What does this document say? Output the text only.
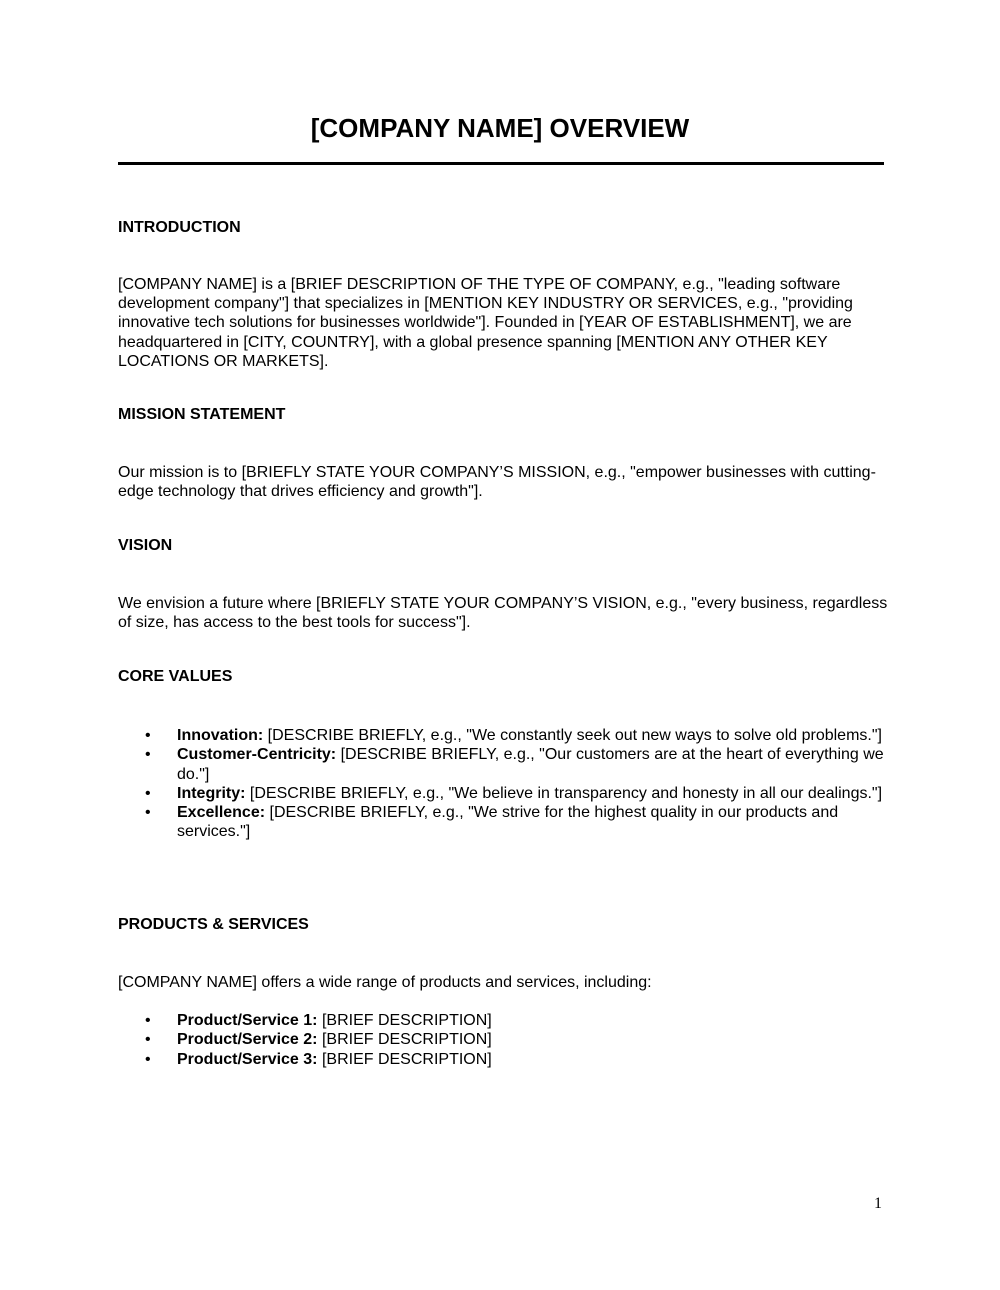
[COMPANY NAME] OVERVIEW
INTRODUCTION
[COMPANY NAME] is a [BRIEF DESCRIPTION OF THE TYPE OF COMPANY, e.g., "leading software development company"] that specializes in [MENTION KEY INDUSTRY OR SERVICES, e.g., "providing innovative tech solutions for businesses worldwide"]. Founded in [YEAR OF ESTABLISHMENT], we are headquartered in [CITY, COUNTRY], with a global presence spanning [MENTION ANY OTHER KEY LOCATIONS OR MARKETS].
MISSION STATEMENT
Our mission is to [BRIEFLY STATE YOUR COMPANY’S MISSION, e.g., "empower businesses with cutting-edge technology that drives efficiency and growth"].
VISION
We envision a future where [BRIEFLY STATE YOUR COMPANY’S VISION, e.g., "every business, regardless of size, has access to the best tools for success"].
CORE VALUES
• Innovation: [DESCRIBE BRIEFLY, e.g., "We constantly seek out new ways to solve old problems."]
• Customer-Centricity: [DESCRIBE BRIEFLY, e.g., "Our customers are at the heart of everything we do."]
• Integrity: [DESCRIBE BRIEFLY, e.g., "We believe in transparency and honesty in all our dealings."]
• Excellence: [DESCRIBE BRIEFLY, e.g., "We strive for the highest quality in our products and services."]
PRODUCTS & SERVICES
[COMPANY NAME] offers a wide range of products and services, including:
• Product/Service 1: [BRIEF DESCRIPTION]
• Product/Service 2: [BRIEF DESCRIPTION]
• Product/Service 3: [BRIEF DESCRIPTION]
1
